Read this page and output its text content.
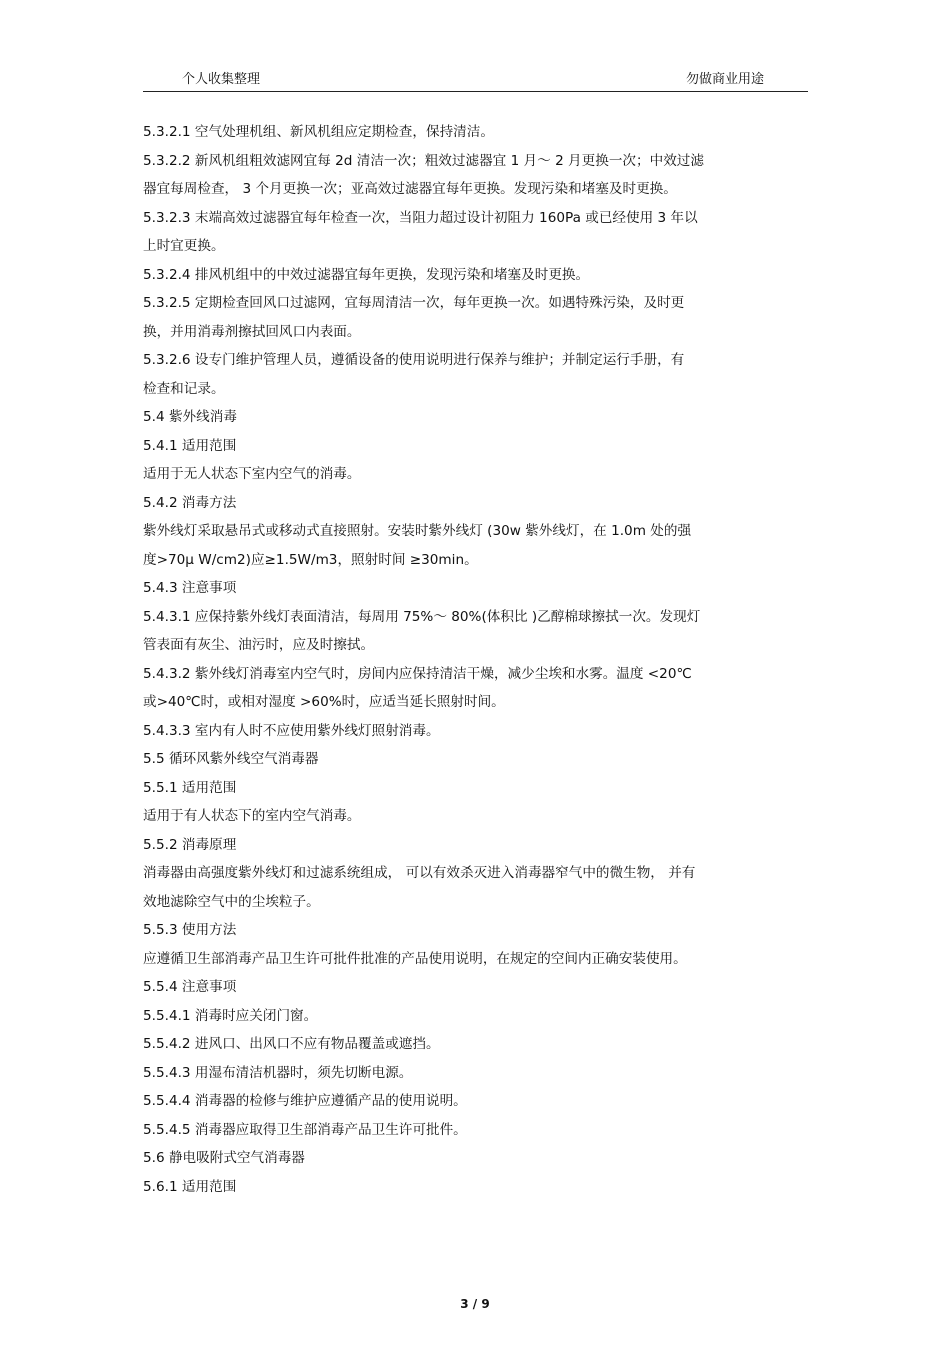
个人收集整理	勿做商业用途

5.3.2.1 空气处理机组、新风机组应定期检查，保持清洁。

5.3.2.2 新风机组粗效滤网宜每 2d 清洁一次；粗效过滤器宜 1 月～ 2 月更换一次；中效过滤

器宜每周检查， 3 个月更换一次；亚高效过滤器宜每年更换。发现污染和堵塞及时更换。

5.3.2.3 末端高效过滤器宜每年检查一次，当阻力超过设计初阻力 160Pa 或已经使用 3 年以

上时宜更换。

5.3.2.4 排风机组中的中效过滤器宜每年更换，发现污染和堵塞及时更换。

5.3.2.5 定期检查回风口过滤网，宜每周清洁一次，每年更换一次。如遇特殊污染，及时更

换，并用消毒剂擦拭回风口内表面。

5.3.2.6 设专门维护管理人员，遵循设备的使用说明进行保养与维护；并制定运行手册，有

检查和记录。

5.4 紫外线消毒

5.4.1 适用范围

适用于无人状态下室内空气的消毒。

5.4.2 消毒方法

紫外线灯采取悬吊式或移动式直接照射。安装时紫外线灯 (30w 紫外线灯，在 1.0m 处的强

度>70μ W/cm2)应≥1.5W/m3，照射时间 ≥30min。

5.4.3 注意事项

5.4.3.1 应保持紫外线灯表面清洁，每周用 75%～ 80%(体积比 )乙醇棉球擦拭一次。发现灯

管表面有灰尘、油污时，应及时擦拭。

5.4.3.2 紫外线灯消毒室内空气时，房间内应保持清洁干燥，减少尘埃和水雾。温度 <20℃

或>40℃时，或相对湿度 >60%时，应适当延长照射时间。

5.4.3.3 室内有人时不应使用紫外线灯照射消毒。

5.5 循环风紫外线空气消毒器

5.5.1 适用范围

适用于有人状态下的室内空气消毒。

5.5.2 消毒原理

消毒器由高强度紫外线灯和过滤系统组成， 可以有效杀灭进入消毒器窄气中的微生物， 并有

效地滤除空气中的尘埃粒子。

5.5.3 使用方法

应遵循卫生部消毒产品卫生许可批件批准的产品使用说明，在规定的空间内正确安装使用。

5.5.4 注意事项

5.5.4.1 消毒时应关闭门窗。

5.5.4.2 进风口、出风口不应有物品覆盖或遮挡。

5.5.4.3 用湿布清洁机器时，须先切断电源。

5.5.4.4 消毒器的检修与维护应遵循产品的使用说明。

5.5.4.5 消毒器应取得卫生部消毒产品卫生许可批件。

5.6 静电吸附式空气消毒器

5.6.1 适用范围

3 / 9
